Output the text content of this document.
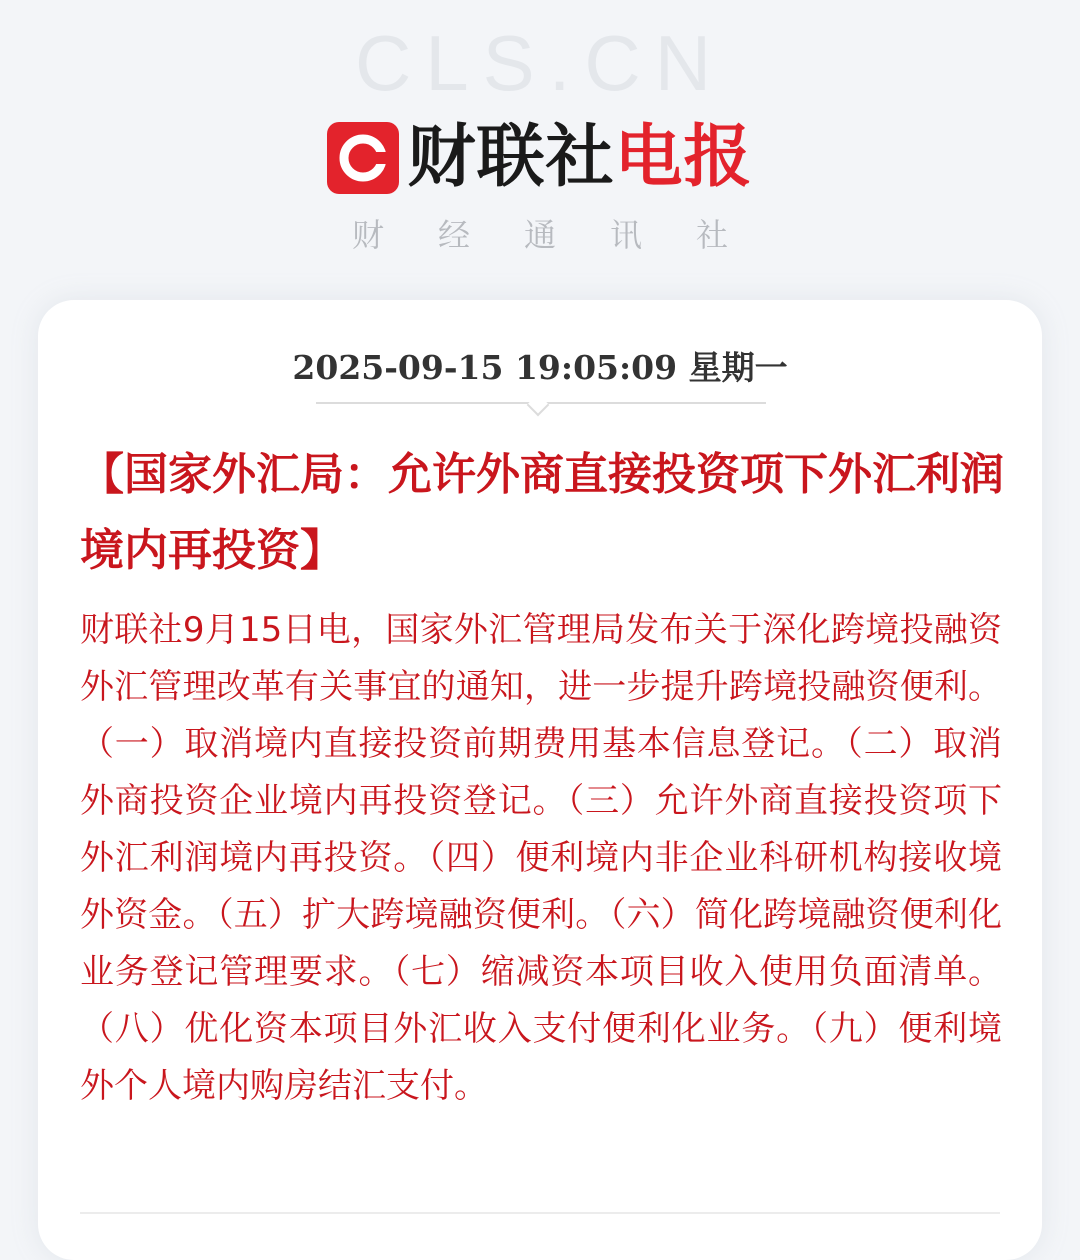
CLS.CN
财联社 电报
财 经 通 讯 社
2025-09-15 19:05:09 星期一
【国家外汇局：允许外商直接投资项下外汇利润境内再投资】

财联社9月15日电，国家外汇管理局发布关于深化跨境投融资外汇管理改革有关事宜的通知，进一步提升跨境投融资便利。（一）取消境内直接投资前期费用基本信息登记。（二）取消外商投资企业境内再投资登记。（三）允许外商直接投资项下外汇利润境内再投资。（四）便利境内非企业科研机构接收境外资金。（五）扩大跨境融资便利。（六）简化跨境融资便利化业务登记管理要求。（七）缩减资本项目收入使用负面清单。（八）优化资本项目外汇收入支付便利化业务。（九）便利境外个人境内购房结汇支付。
